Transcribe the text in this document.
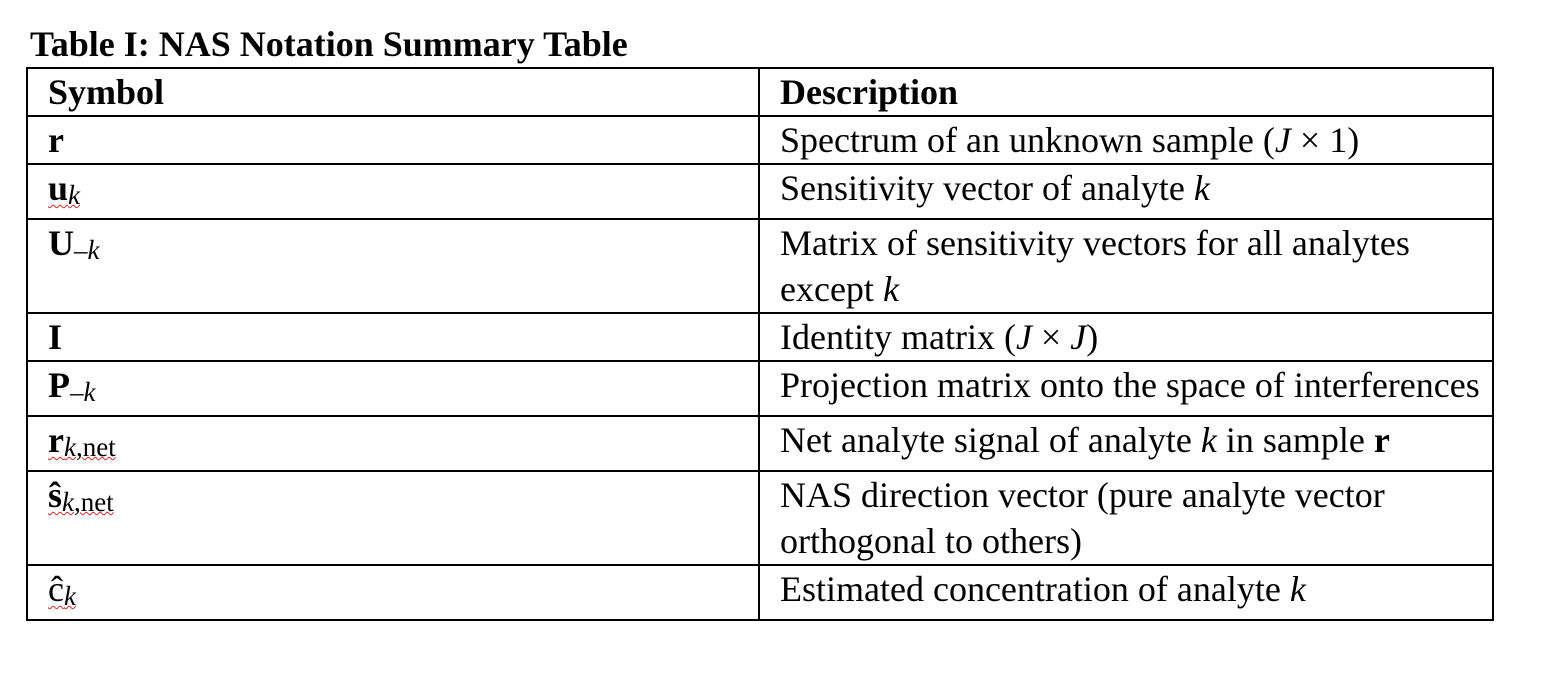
Table I: NAS Notation Summary Table
Symbol	Description
r	Spectrum of an unknown sample (J × 1)
uk	Sensitivity vector of analyte k
U–k	Matrix of sensitivity vectors for all analytes except k
I	Identity matrix (J × J)
P–k	Projection matrix onto the space of interferences
rk,net	Net analyte signal of analyte k in sample r
ŝk,net	NAS direction vector (pure analyte vector orthogonal to others)
ĉk	Estimated concentration of analyte k
